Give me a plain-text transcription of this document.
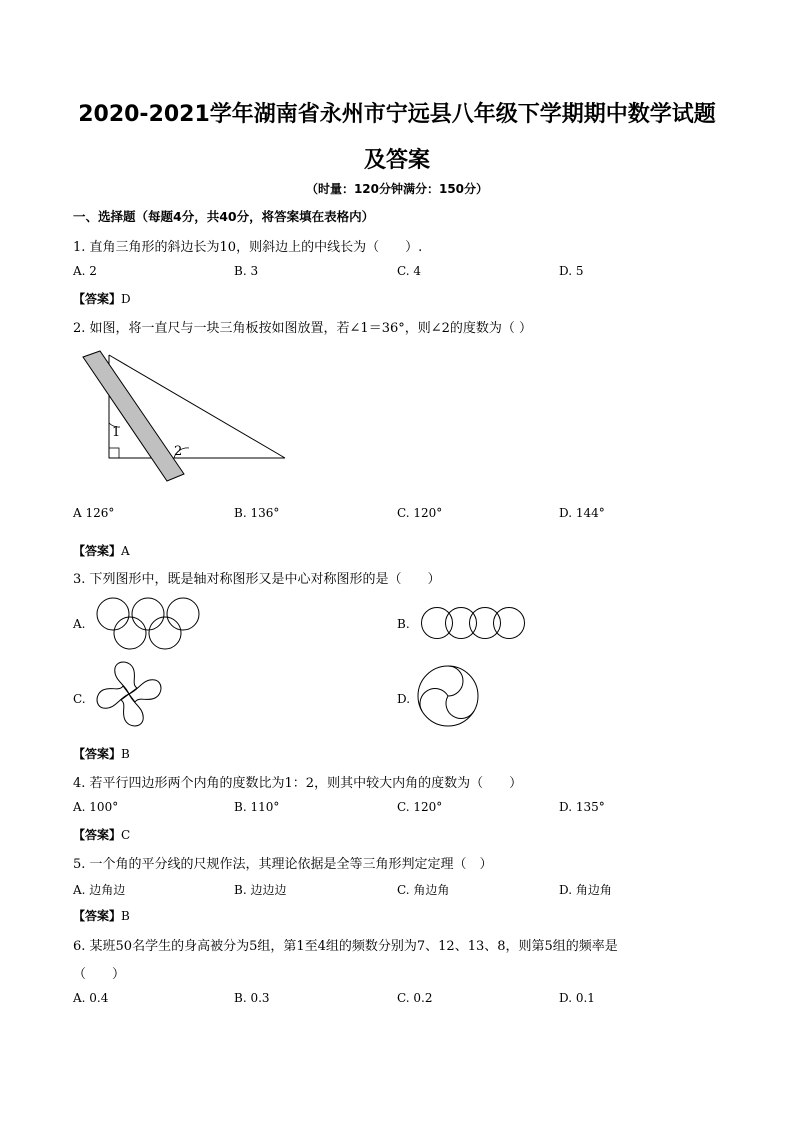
2020-2021学年湖南省永州市宁远县八年级下学期期中数学试题及答案
（时量：120分钟满分：150分）
一、选择题（每题4分，共40分，将答案填在表格内）
1. 直角三角形的斜边长为10，则斜边上的中线长为（　　）.
A. 2	B. 3	C. 4	D. 5
【答案】D
2. 如图，将一直尺与一块三角板按如图放置，若∠1＝36°，则∠2的度数为（ ）
1
2
A 126°	B. 136°	C. 120°	D. 144°
【答案】A
3. 下列图形中，既是轴对称图形又是中心对称图形的是（　　）
A.	B.
C.	D.
【答案】B
4. 若平行四边形两个内角的度数比为1：2，则其中较大内角的度数为（　　）
A. 100°	B. 110°	C. 120°	D. 135°
【答案】C
5. 一个角的平分线的尺规作法，其理论依据是全等三角形判定定理（　）
A. 边角边	B. 边边边	C. 角边角	D. 角边角
【答案】B
6. 某班50名学生的身高被分为5组，第1至4组的频数分别为7、12、13、8，则第5组的频率是
（　　）
A. 0.4	B. 0.3	C. 0.2	D. 0.1
